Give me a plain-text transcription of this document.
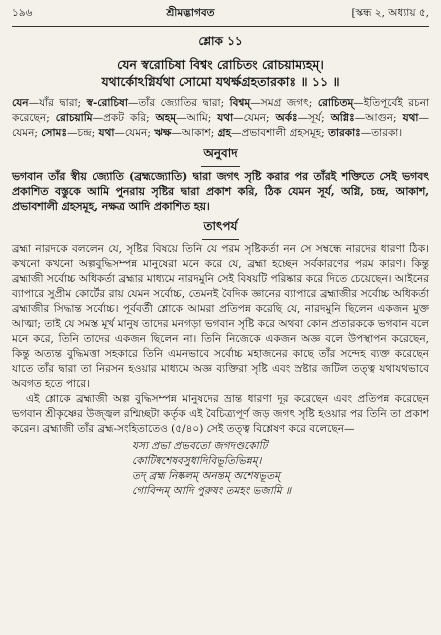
১৯৬	শ্রীমদ্ভাগবত	[স্কন্ধ ২, অধ্যায় ৫,
শ্লোক ১১
যেন স্বরোচিষা বিশ্বং রোচিতং রোচয়াম্যহম্।
যথার্কোঽগ্নির্যথা সোমো যথর্ক্ষগ্রহতারকাঃ ॥ ১১ ॥
যেন—যাঁর দ্বারা; স্ব-রোচিষা—তাঁর জ্যোতির দ্বারা; বিশ্বম্—সমগ্র জগৎ; রোচিতম্—ইতিপূর্বেই রচনা করেছেন; রোচয়ামি—প্রকট করি; অহম্—আমি; যথা—যেমন; অর্কঃ—সূর্য; অগ্নিঃ—আগুন; যথা—যেমন; সোমঃ—চন্দ্র; যথা—যেমন; ঋক্ষ—আকাশ; গ্রহ—প্রভাবশালী গ্রহসমূহ; তারকাঃ—তারকা।
অনুবাদ
ভগবান তাঁর স্বীয় জ্যোতি (ব্রহ্মজ্যোতি) দ্বারা জগৎ সৃষ্টি করার পর তাঁরই শক্তিতে সেই ভগবৎ প্রকাশিত বস্তুকে আমি পুনরায় সৃষ্টির দ্বারা প্রকাশ করি, ঠিক যেমন সূর্য, অগ্নি, চন্দ্র, আকাশ, প্রভাবশালী গ্রহসমূহ, নক্ষত্র আদি প্রকাশিত হয়।
তাৎপর্য

ব্রহ্মা নারদকে বললেন যে, সৃষ্টির বিষয়ে তিনি যে পরম সৃষ্টিকর্তা নন সে সম্বন্ধে নারদের ধারণা ঠিক। কখনো কখনো অল্পবুদ্ধিসম্পন্ন মানুষেরা মনে করে যে, ব্রহ্মা হচ্ছেন সর্বকারণের পরম কারণ। কিন্তু ব্রহ্মাজী সর্বোচ্চ অধিকর্তা ব্রহ্মার মাধ্যমে নারদমুনি সেই বিষয়টি পরিষ্কার করে দিতে চেয়েছেন। আইনের ব্যাপারে সুপ্রীম কোর্টের রায় যেমন সর্বোচ্চ, তেমনই বৈদিক জ্ঞানের ব্যাপারে ব্রহ্মাজীর সর্বোচ্চ অধিকর্তা ব্রহ্মাজীর সিদ্ধান্ত সর্বোচ্চ। পূর্ববর্তী শ্লোকে আমরা প্রতিপন্ন করেছি যে, নারদমুনি ছিলেন একজন মুক্ত আত্মা; তাই যে সমস্ত মূর্খ মানুষ তাদের মনগড়া ভগবান সৃষ্টি করে অথবা কোন প্রতারককে ভগবান বলে মনে করে, তিনি তাদের একজন ছিলেন না। তিনি নিজেকে একজন অজ্ঞ বলে উপস্থাপন করেছেন, কিন্তু অত্যন্ত বুদ্ধিমত্তা সহকারে তিনি এমনভাবে সর্বোচ্চ মহাজনের কাছে তাঁর সন্দেহ ব্যক্ত করেছেন যাতে তাঁর দ্বারা তা নিরসন হওয়ার মাধ্যমে অজ্ঞ ব্যক্তিরা সৃষ্টি এবং স্রষ্টার জটিল তত্ত্ব যথাযথভাবে অবগত হতে পারে।

এই শ্লোকে ব্রহ্মাজী অল্প বুদ্ধিসম্পন্ন মানুষদের ভ্রান্ত ধারণা দূর করেছেন এবং প্রতিপন্ন করেছেন ভগবান শ্রীকৃষ্ণের উজ্জ্বল রশ্মিচ্ছটা কর্তৃক এই বৈচিত্র্যপূর্ণ জড় জগৎ সৃষ্টি হওয়ার পর তিনি তা প্রকাশ করেন। ব্রহ্মাজী তাঁর ব্রহ্ম-সংহিতাতেও (৫/৪০) সেই তত্ত্ব বিশ্লেষণ করে বলেছেন—

যস্য প্রভা প্রভবতো জগদণ্ডকোটি
কোটিষ্বশেষবসুধাদিবিভূতিভিন্নম্।
তদ্ ব্রহ্ম নিষ্কলম্ অনন্তম্ অশেষভূতম্
গোবিন্দম্ আদি পুরুষং তমহং ভজামি ॥
